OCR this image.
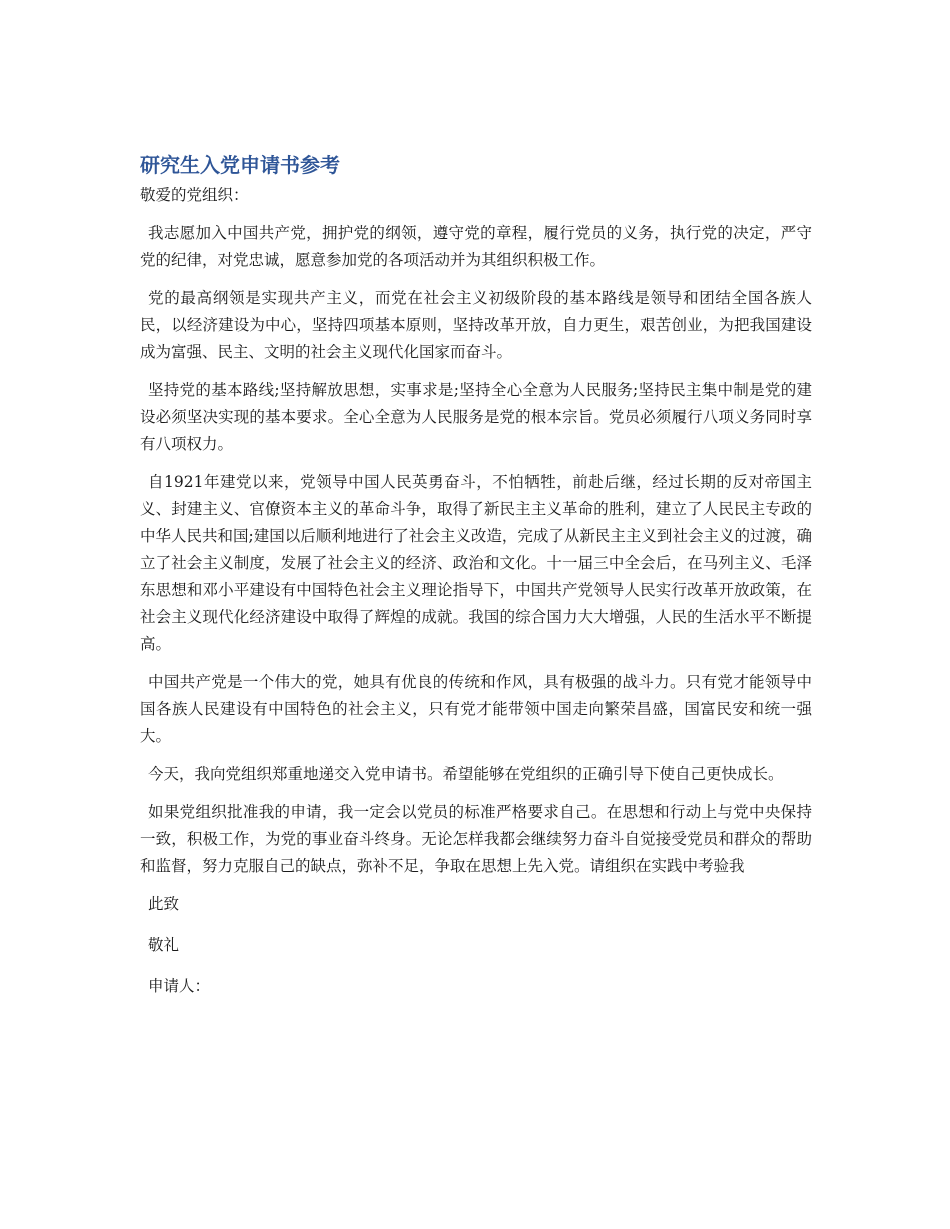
研究生入党申请书参考

敬爱的党组织：

我志愿加入中国共产党，拥护党的纲领，遵守党的章程，履行党员的义务，执行党的决定，严守党的纪律，对党忠诚，愿意参加党的各项活动并为其组织积极工作。

党的最高纲领是实现共产主义，而党在社会主义初级阶段的基本路线是领导和团结全国各族人民，以经济建设为中心，坚持四项基本原则，坚持改革开放，自力更生，艰苦创业，为把我国建设成为富强、民主、文明的社会主义现代化国家而奋斗。

坚持党的基本路线;坚持解放思想，实事求是;坚持全心全意为人民服务;坚持民主集中制是党的建设必须坚决实现的基本要求。全心全意为人民服务是党的根本宗旨。党员必须履行八项义务同时享有八项权力。

自1921年建党以来，党领导中国人民英勇奋斗，不怕牺牲，前赴后继，经过长期的反对帝国主义、封建主义、官僚资本主义的革命斗争，取得了新民主主义革命的胜利，建立了人民民主专政的中华人民共和国;建国以后顺利地进行了社会主义改造，完成了从新民主主义到社会主义的过渡，确立了社会主义制度，发展了社会主义的经济、政治和文化。十一届三中全会后，在马列主义、毛泽东思想和邓小平建设有中国特色社会主义理论指导下，中国共产党领导人民实行改革开放政策，在社会主义现代化经济建设中取得了辉煌的成就。我国的综合国力大大增强，人民的生活水平不断提高。

中国共产党是一个伟大的党，她具有优良的传统和作风，具有极强的战斗力。只有党才能领导中国各族人民建设有中国特色的社会主义，只有党才能带领中国走向繁荣昌盛，国富民安和统一强大。

今天，我向党组织郑重地递交入党申请书。希望能够在党组织的正确引导下使自己更快成长。

如果党组织批准我的申请，我一定会以党员的标准严格要求自己。在思想和行动上与党中央保持一致，积极工作，为党的事业奋斗终身。无论怎样我都会继续努力奋斗自觉接受党员和群众的帮助和监督，努力克服自己的缺点，弥补不足，争取在思想上先入党。请组织在实践中考验我

此致

敬礼

申请人：
